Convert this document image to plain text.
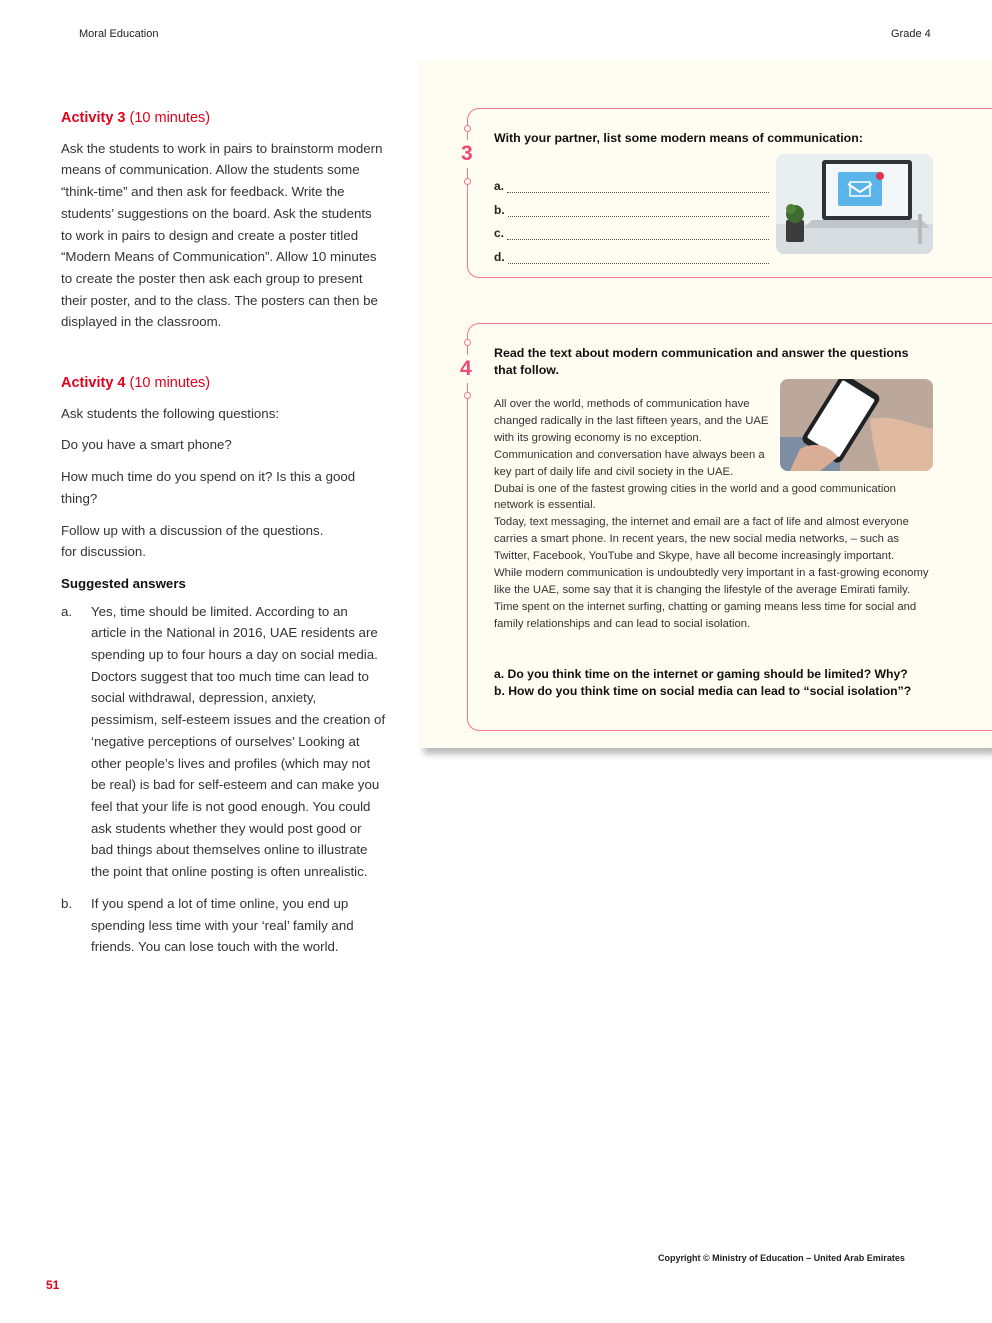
Moral Education	Grade 4
Activity 3 (10 minutes)

Ask the students to work in pairs to brainstorm modern means of communication. Allow the students some “think-time” and then ask for feedback. Write the students’ suggestions on the board. Ask the students to work in pairs to design and create a poster titled “Modern Means of Communication”. Allow 10 minutes to create the poster then ask each group to present their poster, and to the class. The posters can then be displayed in the classroom.

Activity 4 (10 minutes)

Ask students the following questions:

Do you have a smart phone?

How much time do you spend on it? Is this a good thing?

Follow up with a discussion of the questions.
for discussion.

Suggested answers
a.	Yes, time should be limited. According to an article in the National in 2016, UAE residents are spending up to four hours a day on social media. Doctors suggest that too much time can lead to social withdrawal, depression, anxiety, pessimism, self-esteem issues and the creation of ‘negative perceptions of ourselves’ Looking at other people’s lives and profiles (which may not be real) is bad for self-esteem and can make you feel that your life is not good enough. You could ask students whether they would post good or bad things about themselves online to illustrate the point that online posting is often unrealistic.
b.	If you spend a lot of time online, you end up spending less time with your ‘real’ family and friends. You can lose touch with the world.
3
With your partner, list some modern means of communication:
a.
b.
c.
d.
4
Read the text about modern communication and answer the questions that follow.

All over the world, methods of communication have changed radically in the last fifteen years, and the UAE with its growing economy is no exception.

Communication and conversation have always been a key part of daily life and civil society in the UAE.

Dubai is one of the fastest growing cities in the world and a good communication network is essential.

Today, text messaging, the internet and email are a fact of life and almost everyone carries a smart phone. In recent years, the new social media networks, – such as Twitter, Facebook, YouTube and Skype, have all become increasingly important.

While modern communication is undoubtedly very important in a fast-growing economy like the UAE, some say that it is changing the lifestyle of the average Emirati family. Time spent on the internet surfing, chatting or gaming means less time for social and family relationships and can lead to social isolation.

a. Do you think time on the internet or gaming should be limited? Why?
b. How do you think time on social media can lead to “social isolation”?
Copyright © Ministry of Education – United Arab Emirates
51
